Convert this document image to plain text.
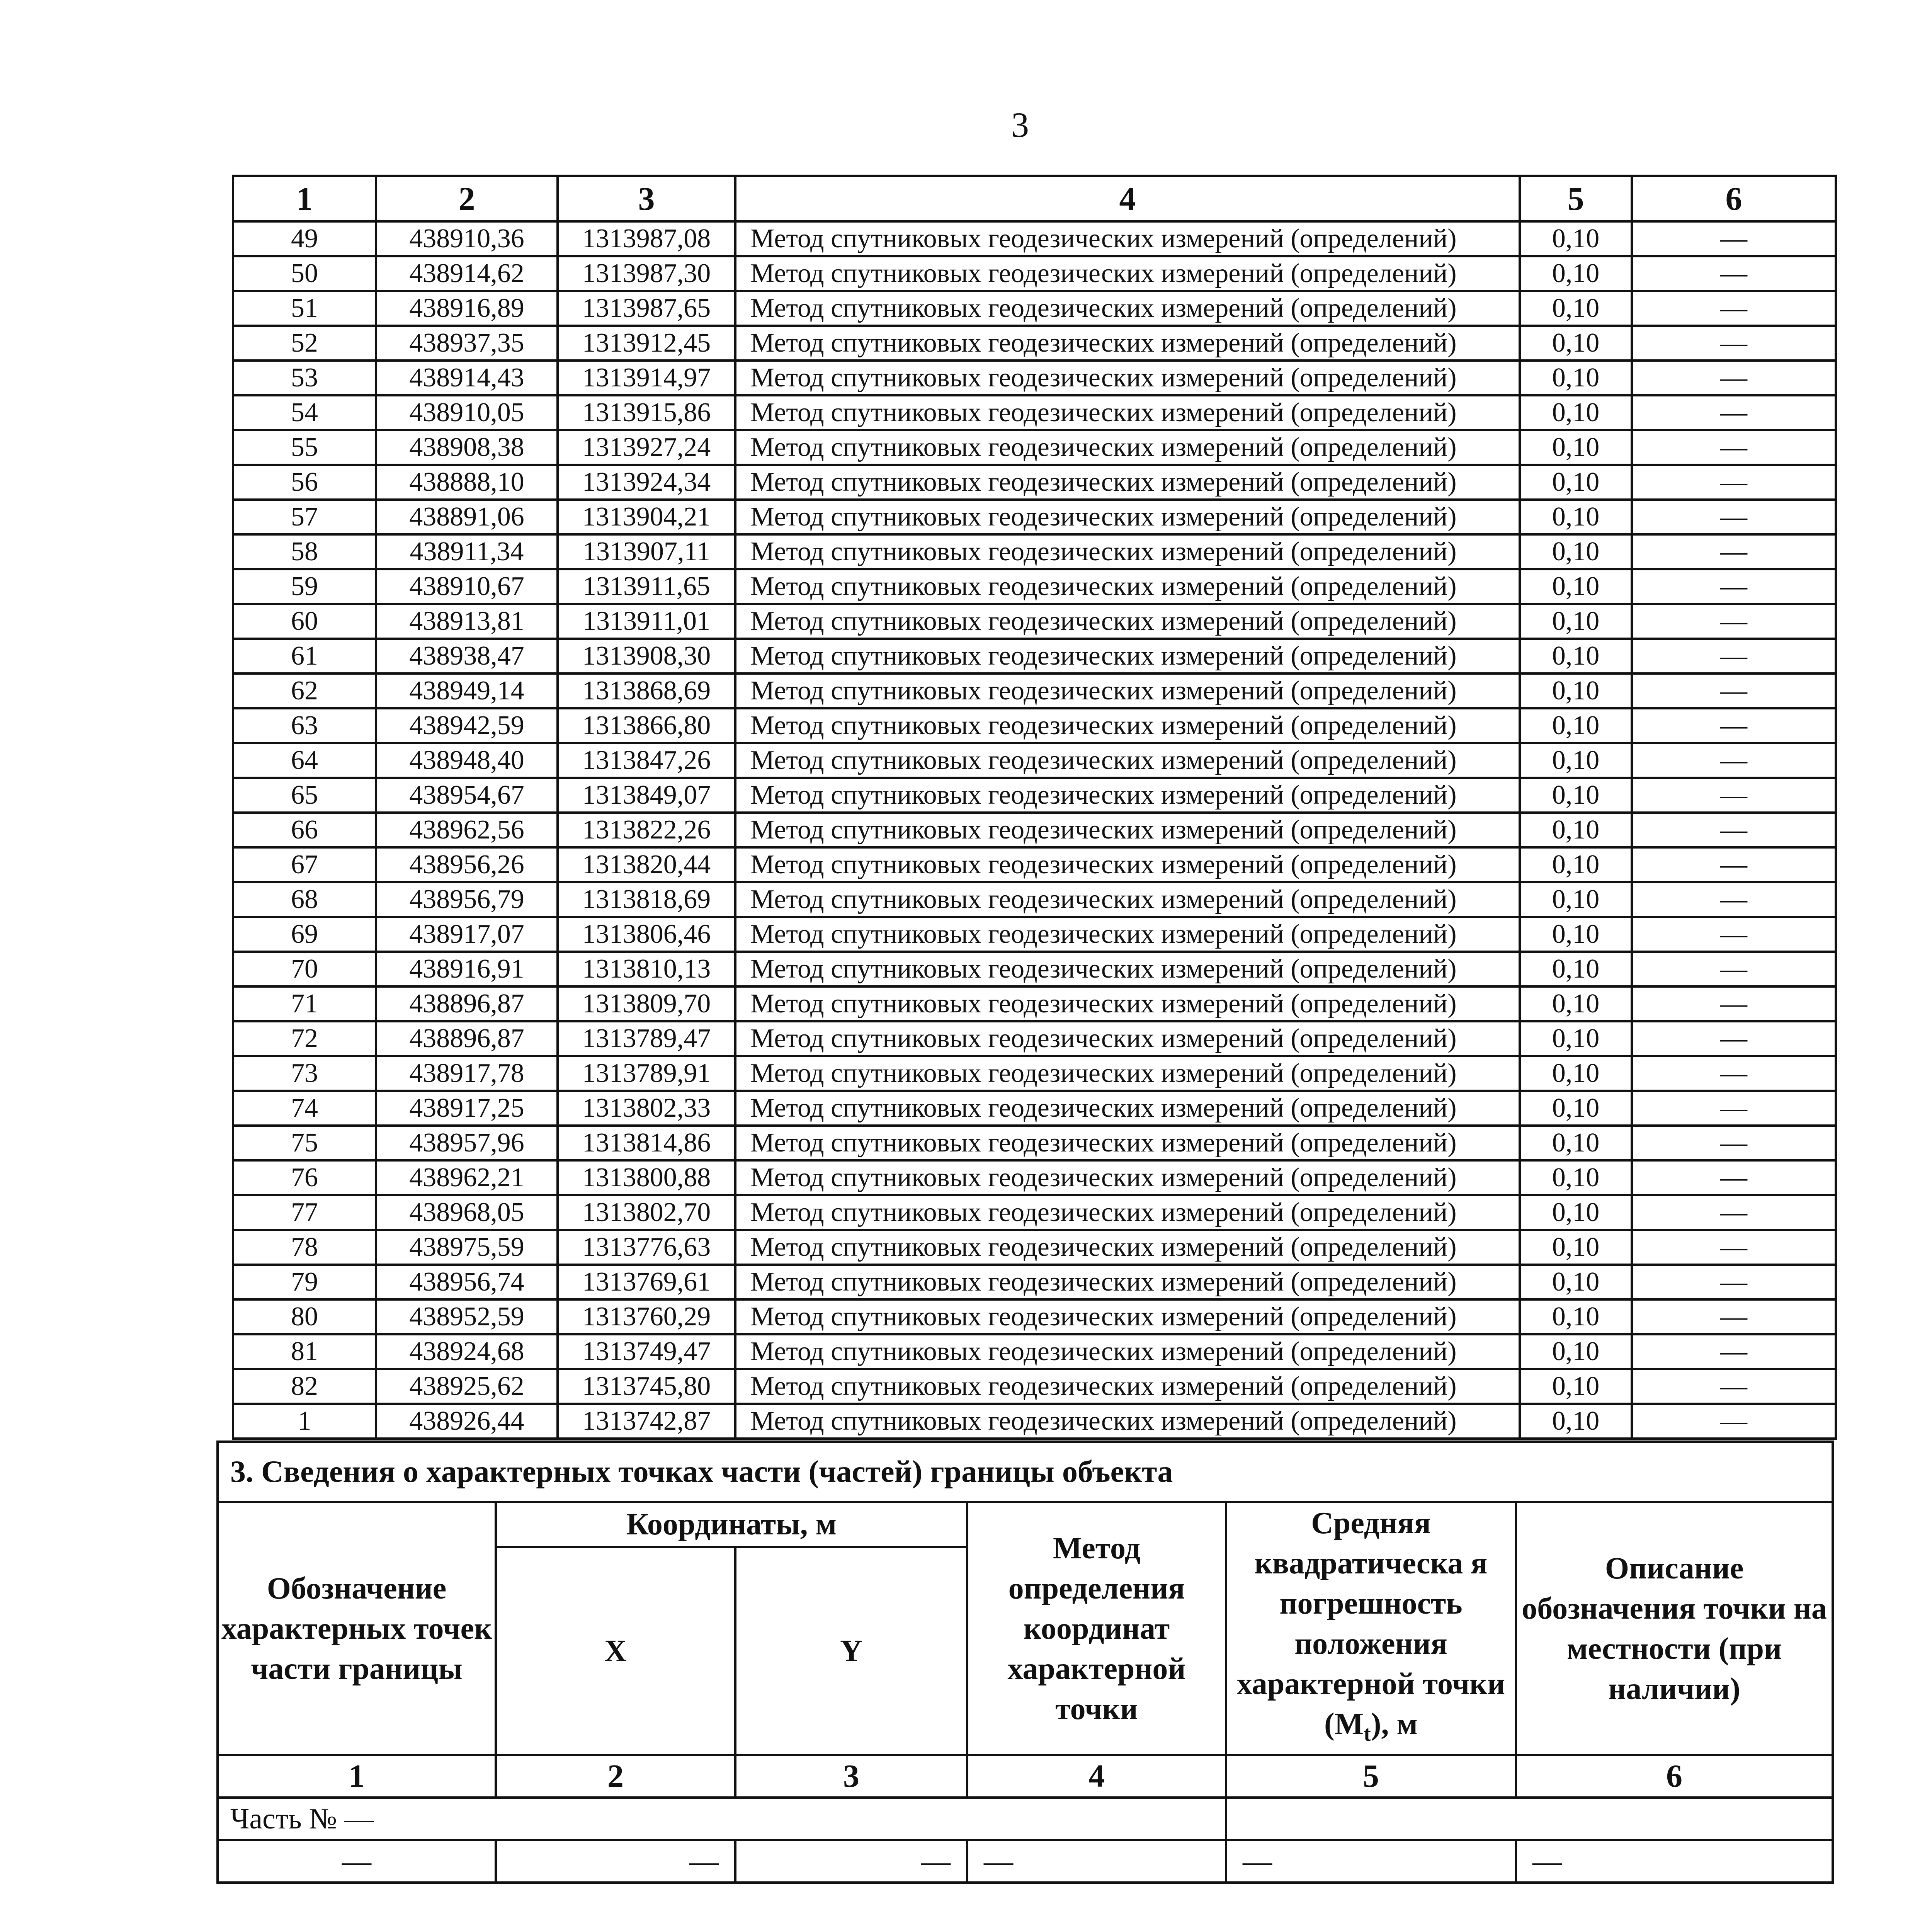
3
1	2	3	4	5	6
49	438910,36	1313987,08	Метод спутниковых геодезических измерений (определений)	0,10	—
50	438914,62	1313987,30	Метод спутниковых геодезических измерений (определений)	0,10	—
51	438916,89	1313987,65	Метод спутниковых геодезических измерений (определений)	0,10	—
52	438937,35	1313912,45	Метод спутниковых геодезических измерений (определений)	0,10	—
53	438914,43	1313914,97	Метод спутниковых геодезических измерений (определений)	0,10	—
54	438910,05	1313915,86	Метод спутниковых геодезических измерений (определений)	0,10	—
55	438908,38	1313927,24	Метод спутниковых геодезических измерений (определений)	0,10	—
56	438888,10	1313924,34	Метод спутниковых геодезических измерений (определений)	0,10	—
57	438891,06	1313904,21	Метод спутниковых геодезических измерений (определений)	0,10	—
58	438911,34	1313907,11	Метод спутниковых геодезических измерений (определений)	0,10	—
59	438910,67	1313911,65	Метод спутниковых геодезических измерений (определений)	0,10	—
60	438913,81	1313911,01	Метод спутниковых геодезических измерений (определений)	0,10	—
61	438938,47	1313908,30	Метод спутниковых геодезических измерений (определений)	0,10	—
62	438949,14	1313868,69	Метод спутниковых геодезических измерений (определений)	0,10	—
63	438942,59	1313866,80	Метод спутниковых геодезических измерений (определений)	0,10	—
64	438948,40	1313847,26	Метод спутниковых геодезических измерений (определений)	0,10	—
65	438954,67	1313849,07	Метод спутниковых геодезических измерений (определений)	0,10	—
66	438962,56	1313822,26	Метод спутниковых геодезических измерений (определений)	0,10	—
67	438956,26	1313820,44	Метод спутниковых геодезических измерений (определений)	0,10	—
68	438956,79	1313818,69	Метод спутниковых геодезических измерений (определений)	0,10	—
69	438917,07	1313806,46	Метод спутниковых геодезических измерений (определений)	0,10	—
70	438916,91	1313810,13	Метод спутниковых геодезических измерений (определений)	0,10	—
71	438896,87	1313809,70	Метод спутниковых геодезических измерений (определений)	0,10	—
72	438896,87	1313789,47	Метод спутниковых геодезических измерений (определений)	0,10	—
73	438917,78	1313789,91	Метод спутниковых геодезических измерений (определений)	0,10	—
74	438917,25	1313802,33	Метод спутниковых геодезических измерений (определений)	0,10	—
75	438957,96	1313814,86	Метод спутниковых геодезических измерений (определений)	0,10	—
76	438962,21	1313800,88	Метод спутниковых геодезических измерений (определений)	0,10	—
77	438968,05	1313802,70	Метод спутниковых геодезических измерений (определений)	0,10	—
78	438975,59	1313776,63	Метод спутниковых геодезических измерений (определений)	0,10	—
79	438956,74	1313769,61	Метод спутниковых геодезических измерений (определений)	0,10	—
80	438952,59	1313760,29	Метод спутниковых геодезических измерений (определений)	0,10	—
81	438924,68	1313749,47	Метод спутниковых геодезических измерений (определений)	0,10	—
82	438925,62	1313745,80	Метод спутниковых геодезических измерений (определений)	0,10	—
1	438926,44	1313742,87	Метод спутниковых геодезических измерений (определений)	0,10	—
3. Сведения о характерных точках части (частей) границы объекта					
Обозначение характерных точек части границы	Координаты, м		Метод определения координат характерной точки	Средняя квадратическа я погрешность положения характерной точки $(M_t)$, м	Описание обозначения точки на местности (при наличии)
	X	Y			
1	2	3	4	5	6
Часть № —					
—	—	—	—	—	—
